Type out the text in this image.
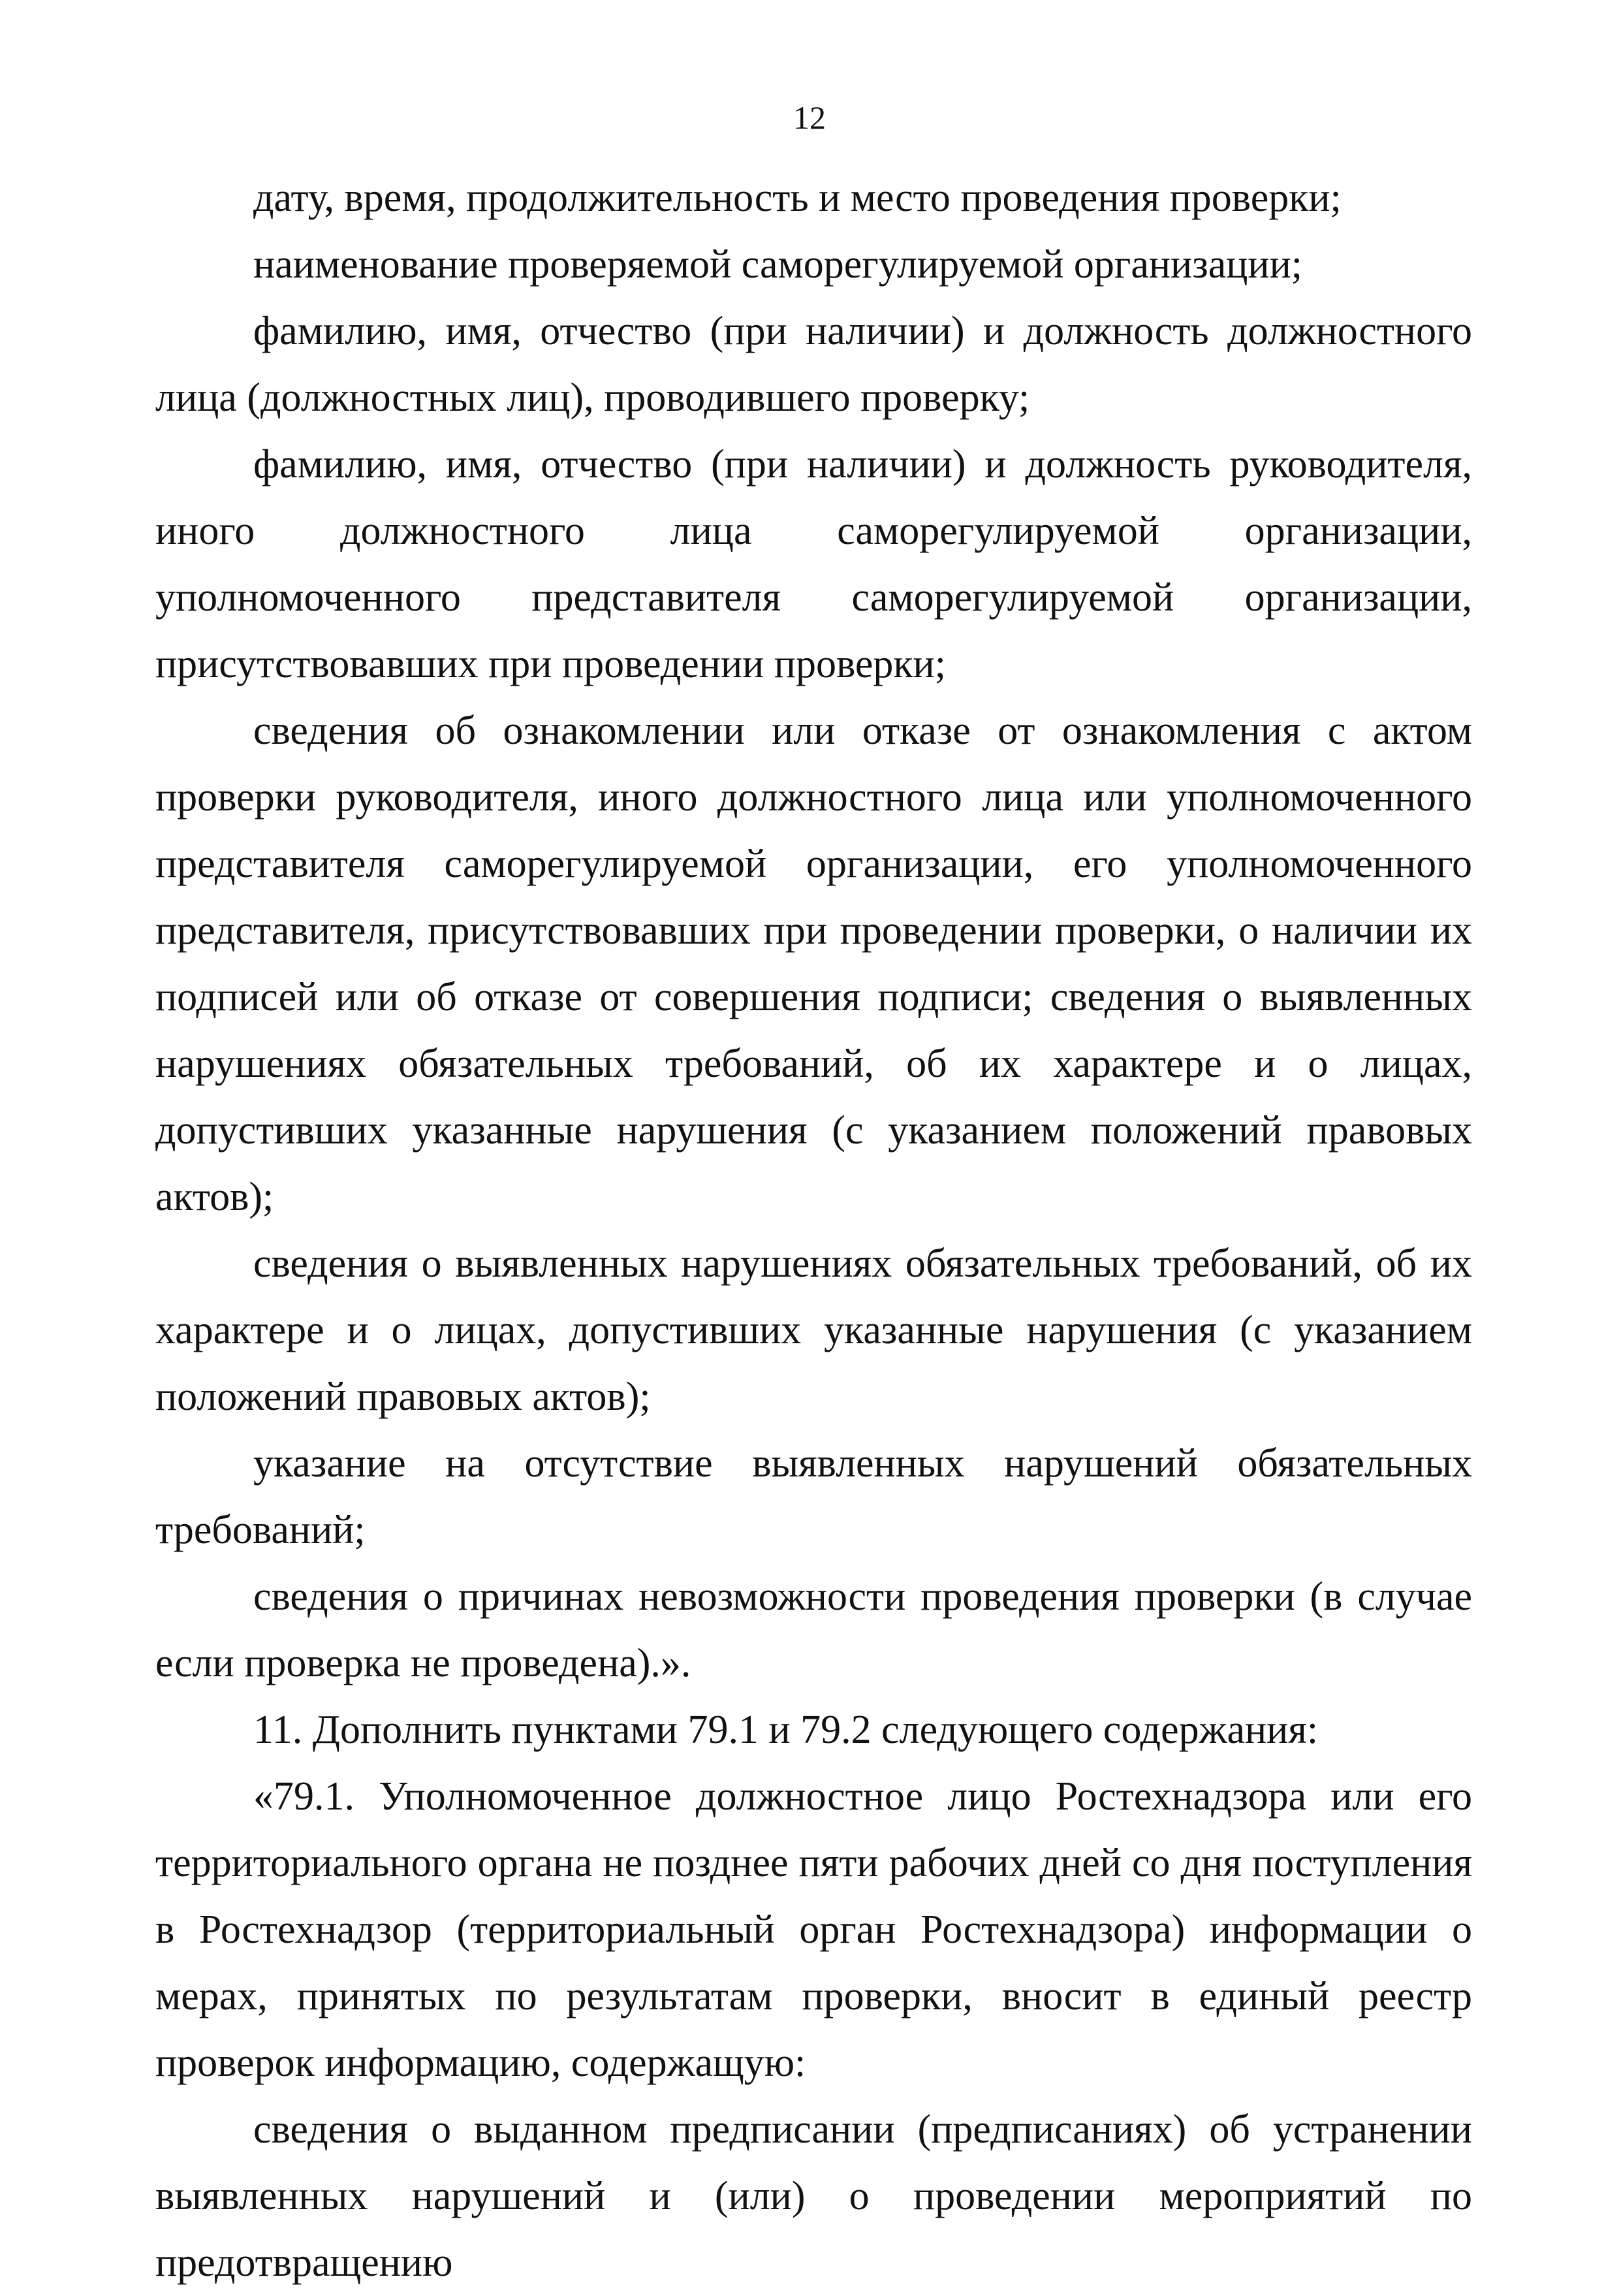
12

дату, время, продолжительность и место проведения проверки;

наименование проверяемой саморегулируемой организации;

фамилию, имя, отчество (при наличии) и должность должностного лица (должностных лиц), проводившего проверку;

фамилию, имя, отчество (при наличии) и должность руководителя, иного должностного лица саморегулируемой организации, уполномоченного представителя саморегулируемой организации, присутствовавших при проведении проверки;

сведения об ознакомлении или отказе от ознакомления с актом проверки руководителя, иного должностного лица или уполномоченного представителя саморегулируемой организации, его уполномоченного представителя, присутствовавших при проведении проверки, о наличии их подписей или об отказе от совершения подписи; сведения о выявленных нарушениях обязательных требований, об их характере и о лицах, допустивших указанные нарушения (с указанием положений правовых актов);

сведения о выявленных нарушениях обязательных требований, об их характере и о лицах, допустивших указанные нарушения (с указанием положений правовых актов);

указание на отсутствие выявленных нарушений обязательных требований;

сведения о причинах невозможности проведения проверки (в случае если проверка не проведена).».

11. Дополнить пунктами 79.1 и 79.2 следующего содержания:

«79.1. Уполномоченное должностное лицо Ростехнадзора или его территориального органа не позднее пяти рабочих дней со дня поступления в Ростехнадзор (территориальный орган Ростехнадзора) информации о мерах, принятых по результатам проверки, вносит в единый реестр проверок информацию, содержащую:

сведения о выданном предписании (предписаниях) об устранении выявленных нарушений и (или) о проведении мероприятий по предотвращению
